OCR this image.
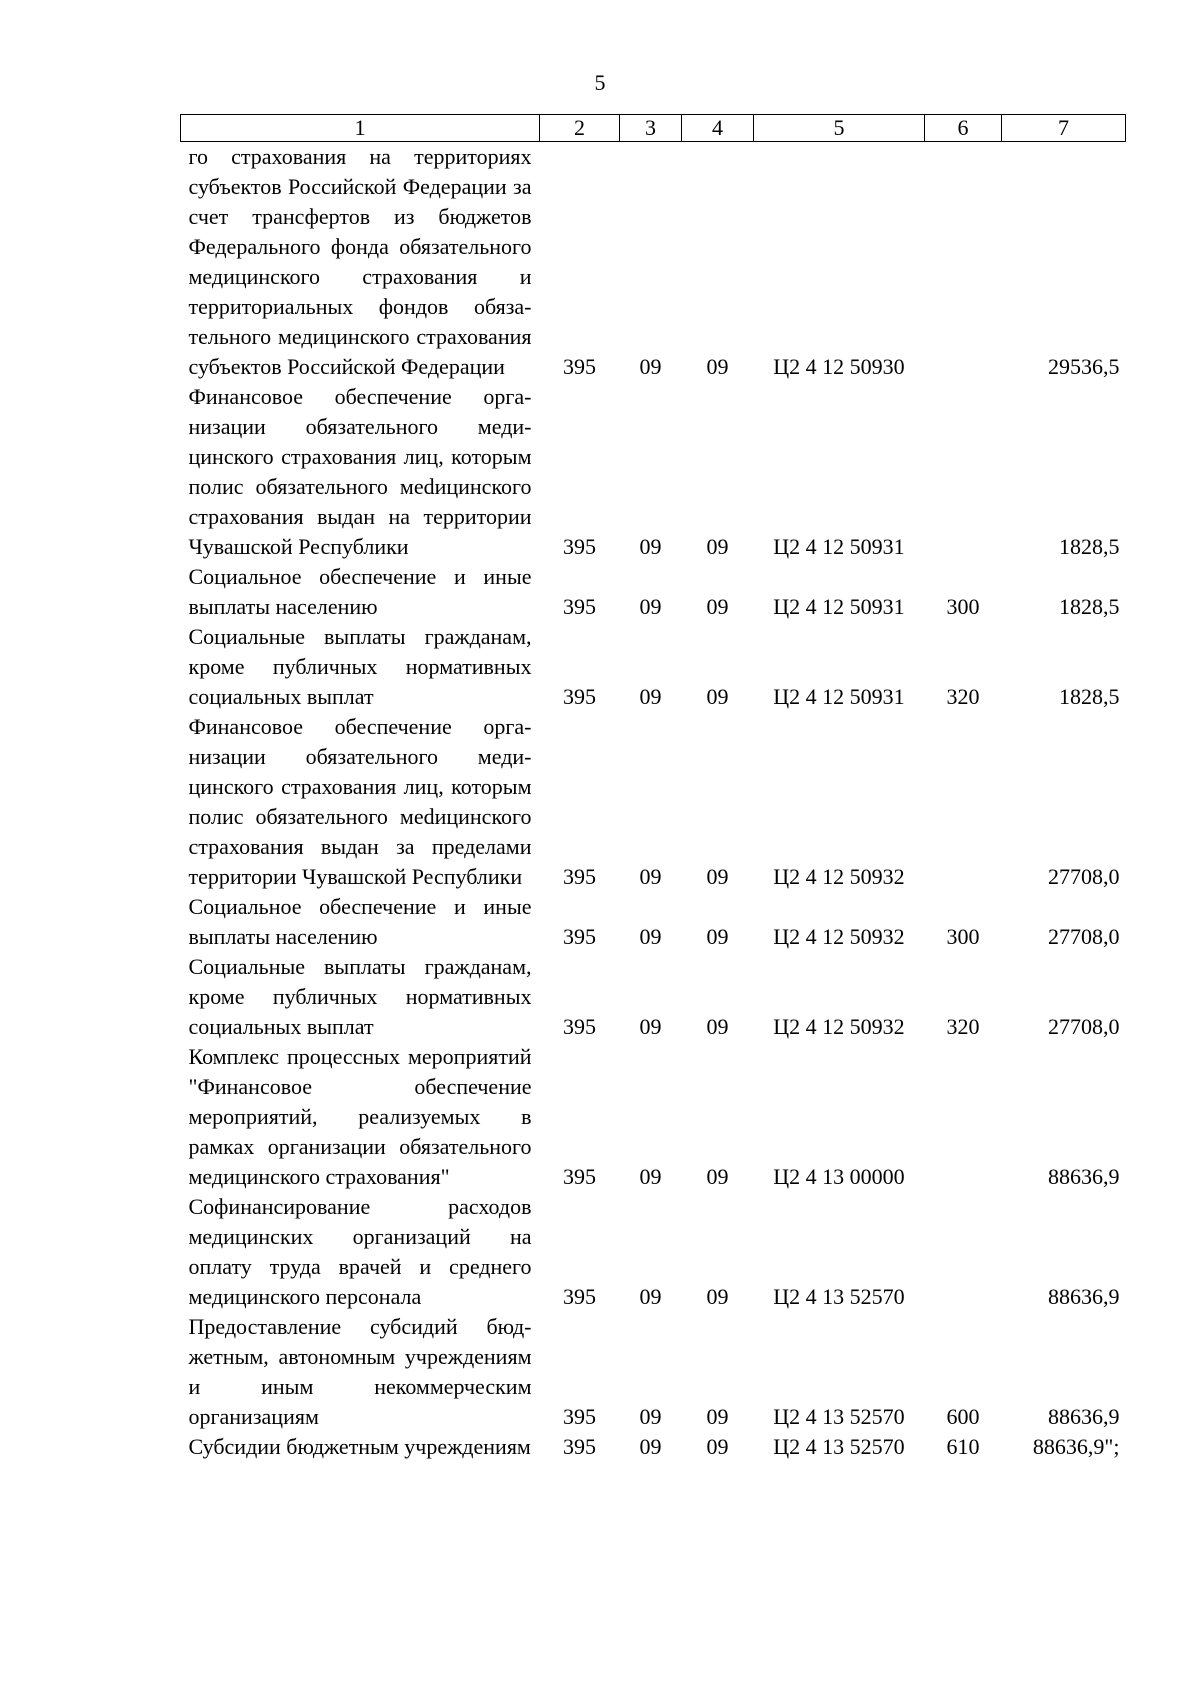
5
1	2	3	4	5	6	7
го страхования на территориях субъектов Российской Федерации за счет трансфертов из бюджетов Федерального фонда обязательного медицинского страхования и территориальных фондов обязательного медицинского страхования субъектов Российской Федерации	395	09	09	Ц2 4 12 50930		29536,5
Финансовое обеспечение организации обязательного медицинского страхования лиц, которым полис обязательного меdицинского страхования выдан на территории Чувашской Республики	395	09	09	Ц2 4 12 50931		1828,5
Социальное обеспечение и иные выплаты населению	395	09	09	Ц2 4 12 50931	300	1828,5
Социальные выплаты гражданам, кроме публичных нормативных социальных выплат	395	09	09	Ц2 4 12 50931	320	1828,5
Финансовое обеспечение организации обязательного медицинского страхования лиц, которым полис обязательного меdицинского страхования выдан за пределами территории Чувашской Республики	395	09	09	Ц2 4 12 50932		27708,0
Социальное обеспечение и иные выплаты населению	395	09	09	Ц2 4 12 50932	300	27708,0
Социальные выплаты гражданам, кроме публичных нормативных социальных выплат	395	09	09	Ц2 4 12 50932	320	27708,0
Комплекс процессных мероприятий "Финансовое обеспечение мероприятий, реализуемых в рамках организации обязательного медицинского страхования"	395	09	09	Ц2 4 13 00000		88636,9
Софинансирование расходов медицинских организаций на оплату труда врачей и среднего медицинского персонала	395	09	09	Ц2 4 13 52570		88636,9
Предоставление субсидий бюджетным, автономным учреждениям и иным некоммерческим организациям	395	09	09	Ц2 4 13 52570	600	88636,9
Субсидии бюджетным учреждениям	395	09	09	Ц2 4 13 52570	610	88636,9";
